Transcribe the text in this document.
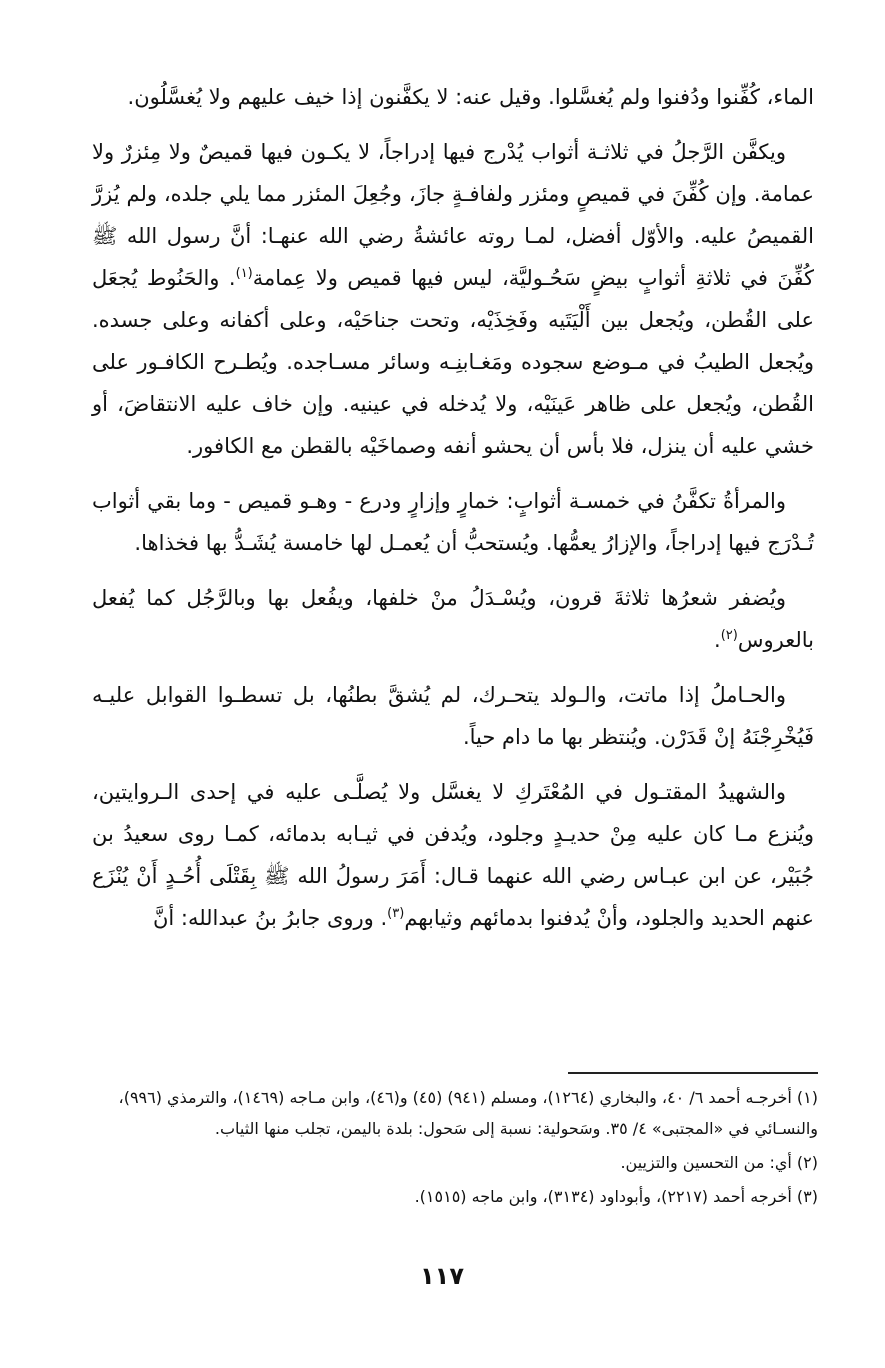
الماء، كُفِّنوا ودُفنوا ولم يُغسَّلوا. وقيل عنه: لا يكفَّنون إذا خيف عليهم ولا يُغسَّلُون.

ويكفَّن الرَّجلُ في ثلاثـة أثواب يُدْرج فيها إدراجاً، لا يكـون فيها قميصٌ ولا مِئزرٌ ولا عمامة. وإن كُفِّنَ في قميصٍ ومئزر ولفافـةٍ جازَ، وجُعِلَ المئزر مما يلي جلده، ولم يُزرَّ القميصُ عليه. والأوّل أفضل، لمـا روته عائشةُ رضي الله عنهـا: أنَّ رسول الله ﷺ كُفِّنَ في ثلاثةِ أثوابٍ بيضٍ سَحُـوليَّة، ليس فيها قميص ولا عِمامة$^{(١)}$. والحَنُوط يُجعَل على القُطن، ويُجعل بين أَلْيَتَيه وفَخِذَيْه، وتحت جناحَيْه، وعلى أكفانه وعلى جسده. ويُجعل الطيبُ في مـوضع سجوده ومَغـابنِـه وسائر مسـاجده. ويُطـرح الكافـور على القُطن، ويُجعل على ظاهر عَينَيْه، ولا يُدخله في عينيه. وإن خاف عليه الانتقاضَ، أو خشي عليه أن ينزل، فلا بأس أن يحشو أنفه وصماخَيْه بالقطن مع الكافور.

والمرأةُ تكفَّنُ في خمسـة أثوابٍ: خمارٍ وإزارٍ ودرع - وهـو قميص - وما بقي أثواب تُـدْرَج فيها إدراجاً، والإزارُ يعمُّها. ويُستحبُّ أن يُعمـل لها خامسة يُشَـدُّ بها فخذاها.

ويُضفر شعرُها ثلاثةَ قرون، ويُسْـدَلُ منْ خلفها، ويفُعل بها وبالرَّجُل كما يُفعل بالعروس$^{(٢)}$.

والحـاملُ إذا ماتت، والـولد يتحـرك، لم يُشقَّ بطنُها، بل تسطـوا القوابل عليـه فَيُخْرِجْنَهُ إنْ قَدَرْن. ويُنتظر بها ما دام حياً.

والشهيدُ المقتـول في المُعْتَركِ لا يغسَّل ولا يُصلَّـى عليه في إحدى الـروايتين، ويُنزع مـا كان عليه مِنْ حديـدٍ وجلود، ويُدفن في ثيـابه بدمائه، كمـا روى سعيدُ بن جُبَيْر، عن ابن عبـاس رضي الله عنهما قـال: أَمَرَ رسولُ الله ﷺ بِقَتْلَى أُحُـدٍ أَنْ يُنْزَع عنهم الحديد والجلود، وأنْ يُدفنوا بدمائهم وثيابهم$^{(٣)}$. وروى جابرُ بنُ عبدالله: أنَّ

(١) أخرجـه أحمد ٦/ ٤٠، والبخاري (١٢٦٤)، ومسلم (٩٤١) (٤٥) و(٤٦)، وابن مـاجه (١٤٦٩)، والترمذي (٩٩٦)، والنسـائي في «المجتبى» ٤/ ٣٥. وسَحولية: نسبة إلى سَحول: بلدة باليمن، تجلب منها الثياب.

(٢) أي: من التحسين والتزيين.

(٣) أخرجه أحمد (٢٢١٧)، وأبوداود (٣١٣٤)، وابن ماجه (١٥١٥).

١١٧
